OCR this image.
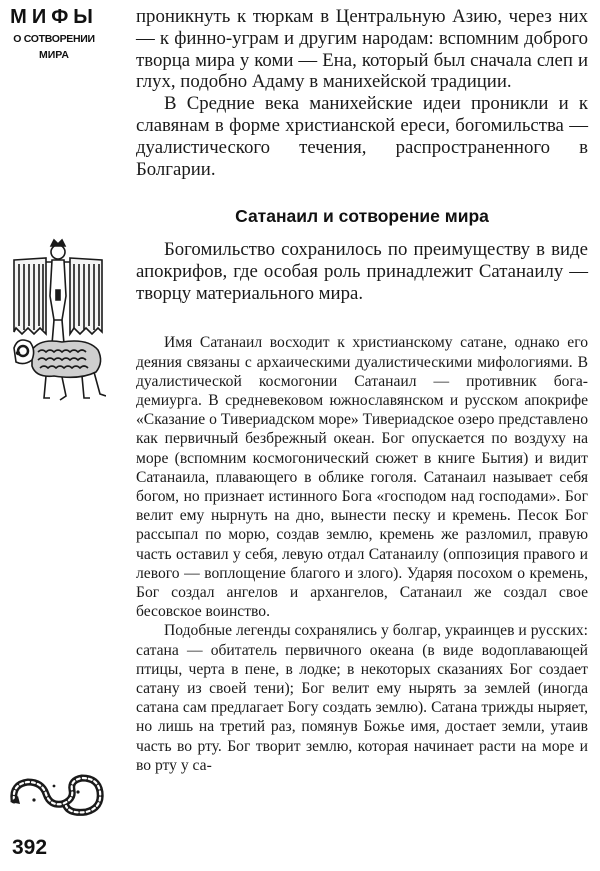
МИФЫ
О СОТВОРЕНИИ
МИРА

проникнуть к тюркам в Центральную Азию, через них — к финно-уграм и другим народам: вспомним доброго творца мира у коми — Ена, который был сначала слеп и глух, подобно Адаму в манихейской традиции.

В Средние века манихейские идеи проникли и к славянам в форме христианской ереси, богомильства — дуалистического течения, распространенного в Болгарии.

Сатанаил и сотворение мира

Богомильство сохранилось по преимуществу в виде апокрифов, где особая роль принадлежит Сатанаилу — творцу материального мира.

Имя Сатанаил восходит к христианскому сатане, однако его деяния связаны с архаическими дуалистическими мифологиями. В дуалистической космогонии Сатанаил — противник бога-демиурга. В средневековом южнославянском и русском апокрифе «Сказание о Тивериадском море» Тивериадское озеро представлено как первичный безбрежный океан. Бог опускается по воздуху на море (вспомним космогонический сюжет в книге Бытия) и видит Сатанаила, плавающего в облике гоголя. Сатанаил называет себя богом, но признает истинного Бога «господом над господами». Бог велит ему нырнуть на дно, вынести песку и кремень. Песок Бог рассыпал по морю, создав землю, кремень же разломил, правую часть оставил у себя, левую отдал Сатанаилу (оппозиция правого и левого — воплощение благого и злого). Ударяя посохом о кремень, Бог создал ангелов и архангелов, Сатанаил же создал свое бесовское воинство.

Подобные легенды сохранялись у болгар, украинцев и русских: сатана — обитатель первичного океана (в виде водоплавающей птицы, черта в пене, в лодке; в некоторых сказаниях Бог создает сатану из своей тени); Бог велит ему нырять за землей (иногда сатана сам предлагает Богу создать землю). Сатана трижды ныряет, но лишь на третий раз, помянув Божье имя, достает земли, утаив часть во рту. Бог творит землю, которая начинает расти на море и во рту у са-

392
